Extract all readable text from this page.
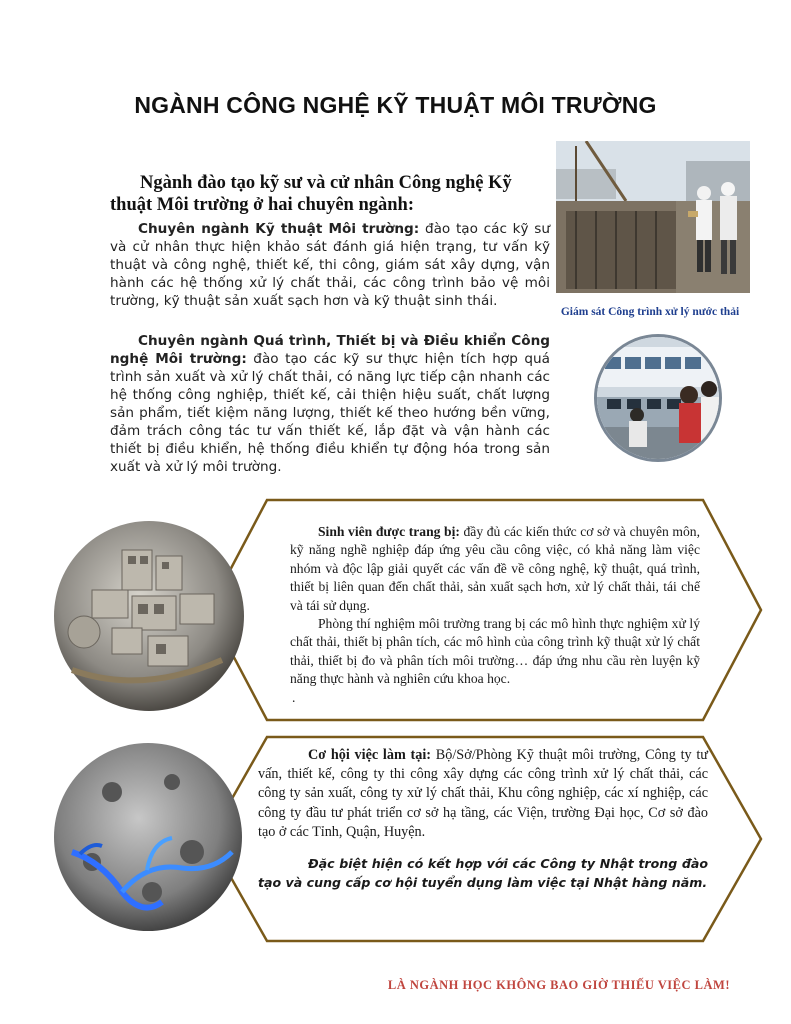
NGÀNH CÔNG NGHỆ KỸ THUẬT MÔI TRƯỜNG
Ngành đào tạo kỹ sư và cử nhân Công nghệ Kỹ thuật Môi trường ở hai chuyên ngành:
Chuyên ngành Kỹ thuật Môi trường: đào tạo các kỹ sư và cử nhân thực hiện khảo sát đánh giá hiện trạng, tư vấn kỹ thuật và công nghệ, thiết kế, thi công, giám sát xây dựng, vận hành các hệ thống xử lý chất thải, các công trình bảo vệ môi trường, kỹ thuật sản xuất sạch hơn và kỹ thuật sinh thái.
Chuyên ngành Quá trình, Thiết bị và Điều khiển Công nghệ Môi trường: đào tạo các kỹ sư thực hiện tích hợp quá trình sản xuất và xử lý chất thải, có năng lực tiếp cận nhanh các hệ thống công nghiệp, thiết kế, cải thiện hiệu suất, chất lượng sản phẩm, tiết kiệm năng lượng, thiết kế theo hướng bền vững, đảm trách công tác tư vấn thiết kế, lắp đặt và vận hành các thiết bị điều khiển, hệ thống điều khiển tự động hóa trong sản xuất và xử lý môi trường.
Giám sát Công trình xử lý nước thải

Sinh viên được trang bị: đầy đủ các kiến thức cơ sở và chuyên môn, kỹ năng nghề nghiệp đáp ứng yêu cầu công việc, có khả năng làm việc nhóm và độc lập giải quyết các vấn đề về công nghệ, kỹ thuật, quá trình, thiết bị liên quan đến chất thải, sản xuất sạch hơn, xử lý chất thải, tái chế và tái sử dụng.

Phòng thí nghiệm môi trường trang bị các mô hình thực nghiệm xử lý chất thải, thiết bị phân tích, các mô hình của công trình kỹ thuật xử lý chất thải, thiết bị đo và phân tích môi trường… đáp ứng nhu cầu rèn luyện kỹ năng thực hành và nghiên cứu khoa học.

.

Cơ hội việc làm tại: Bộ/Sở/Phòng Kỹ thuật môi trường, Công ty tư vấn, thiết kế, công ty thi công xây dựng các công trình xử lý chất thải, các công ty sản xuất, công ty xử lý chất thải, Khu công nghiệp, các xí nghiệp, các công ty đầu tư phát triển cơ sở hạ tầng, các Viện, trường Đại học, Cơ sở đào tạo ở các Tỉnh, Quận, Huyện.

Đặc biệt hiện có kết hợp với các Công ty Nhật trong đào tạo và cung cấp cơ hội tuyển dụng làm việc tại Nhật hàng năm.

LÀ NGÀNH HỌC KHÔNG BAO GIỜ THIẾU VIỆC LÀM!
